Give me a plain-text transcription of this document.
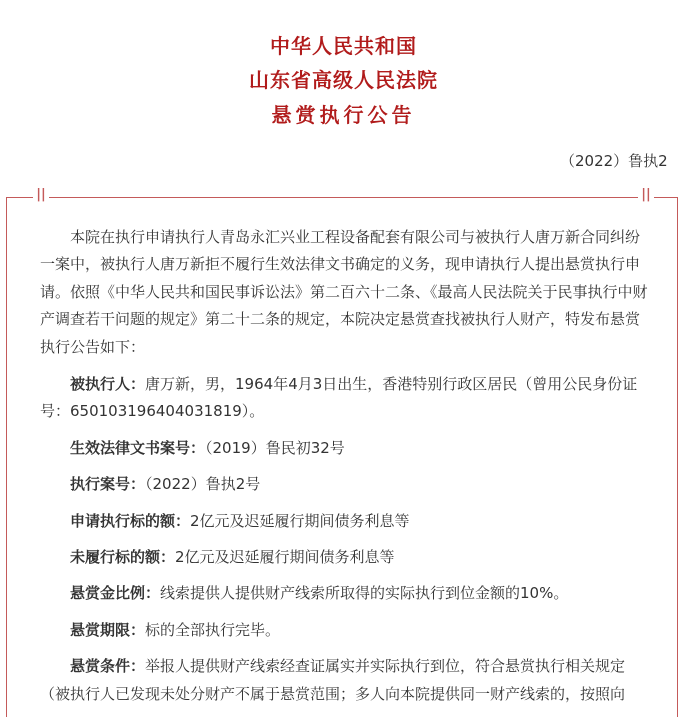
中华人民共和国
山东省高级人民法院
悬赏执行公告
（2022）鲁执2
||	||

本院在执行申请执行人青岛永汇兴业工程设备配套有限公司与被执行人唐万新合同纠纷一案中，被执行人唐万新拒不履行生效法律文书确定的义务，现申请执行人提出悬赏执行申请。依照《中华人民共和国民事诉讼法》第二百六十二条、《最高人民法院关于民事执行中财产调查若干问题的规定》第二十二条的规定，本院决定悬赏查找被执行人财产，特发布悬赏执行公告如下：

被执行人：唐万新，男，1964年4月3日出生，香港特别行政区居民（曾用公民身份证号：650103196404031819）。

生效法律文书案号：（2019）鲁民初32号

执行案号：（2022）鲁执2号

申请执行标的额：2亿元及迟延履行期间债务利息等

未履行标的额：2亿元及迟延履行期间债务利息等

悬赏金比例：线索提供人提供财产线索所取得的实际执行到位金额的10%。

悬赏期限：标的全部执行完毕。

悬赏条件：举报人提供财产线索经查证属实并实际执行到位，符合悬赏执行相关规定（被执行人已发现未处分财产不属于悬赏范围；多人向本院提供同一财产线索的，按照向
